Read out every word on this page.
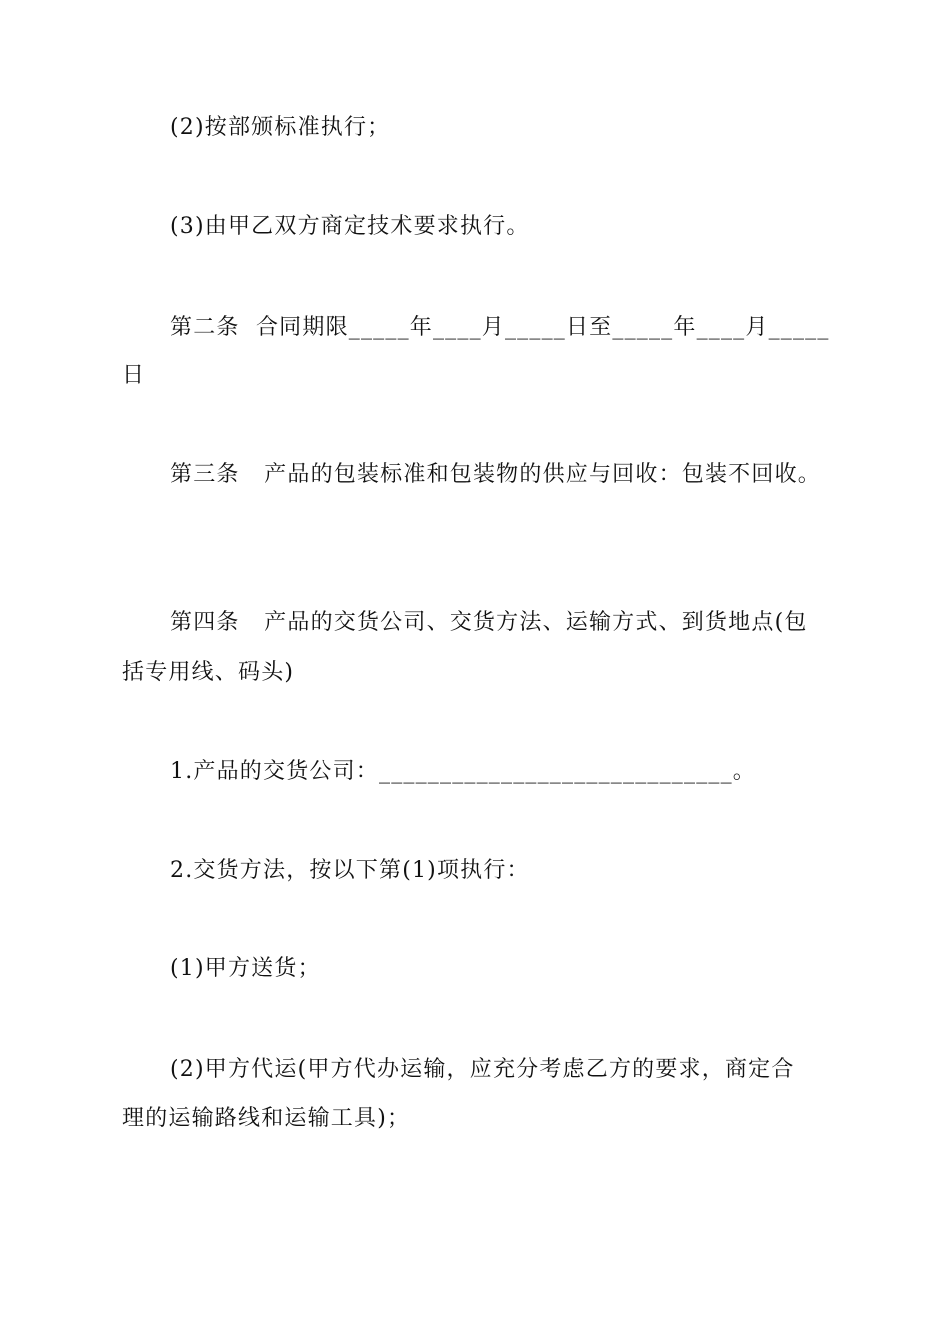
(2)按部颁标准执行；
(3)由甲乙双方商定技术要求执行。
第二条  合同期限_____年____月_____日至_____年____月_____
日
第三条   产品的包装标准和包装物的供应与回收：包装不回收。
第四条   产品的交货公司、交货方法、运输方式、到货地点(包
括专用线、码头)
1.产品的交货公司：_____________________________。
2.交货方法，按以下第(1)项执行：
(1)甲方送货；
(2)甲方代运(甲方代办运输，应充分考虑乙方的要求，商定合
理的运输路线和运输工具)；
